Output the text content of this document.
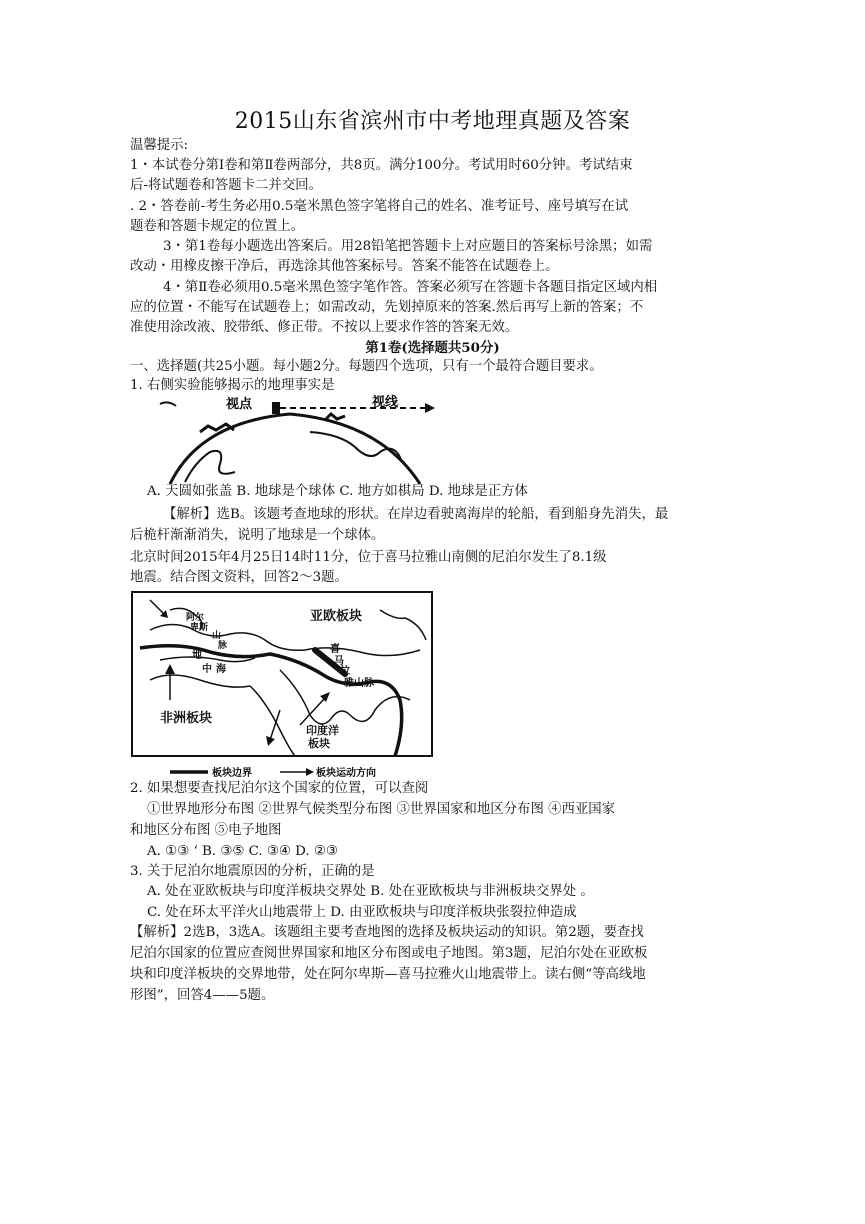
2015山东省滨州市中考地理真题及答案
温馨提示:
1・本试卷分第Ⅰ卷和第Ⅱ卷两部分，共8页。满分100分。考试用时60分钟。考试结束
后-将试题卷和答题卡二并交回。
. 2・答卷前-考生务必用0.5毫米黑色签字笔将自己的姓名、准考证号、座号填写在试
题卷和答题卡规定的位置上。
3・第1卷每小题选出答案后。用28铅笔把答题卡上对应题目的答案标号涂黑；如需
改动・用橡皮擦干净后，再选涂其他答案标号。答案不能答在试题卷上。
4・第Ⅱ卷必须用0.5毫米黑色签字笔作答。答案必须写在答题卡各题目指定区域内相
应的位置・不能写在试题卷上；如需改动，先划掉原来的答案.然后再写上新的答案；不
准使用涂改液、胶带纸、修正带。不按以上要求作答的答案无效。
第1卷(选择题共50分)
一、选择题(共25小题。每小题2分。每题四个选项，只有一个最符合题目要求。
1. 右侧实验能够揭示的地理事实是
视点	视线
A. 天圆如张盖 B. 地球是个球体 C. 地方如棋局 D. 地球是正方体
【解析】选B。该题考查地球的形状。在岸边看驶离海岸的轮船，看到船身先消失，最
后桅杆渐渐消失，说明了地球是一个球体。
北京时间2015年4月25日14时11分，位于喜马拉雅山南侧的尼泊尔发生了8.1级
地震。结合图文资料，回答2～3题。
亚欧板块
非洲板块
印度洋
板块
喜
马
拉
雅山脉
阿尔
卑斯
山
脉
地
中 海
板块边界	板块运动方向
2. 如果想要查找尼泊尔这个国家的位置，可以查阅
①世界地形分布图 ②世界气候类型分布图 ③世界国家和地区分布图 ④西亚国家
和地区分布图 ⑤电子地图
A. ①③ ‘ B. ③⑤ C. ③④ D. ②③
3. 关于尼泊尔地震原因的分析，正确的是
A. 处在亚欧板块与印度洋板块交界处 B. 处在亚欧板块与非洲板块交界处 。
C. 处在环太平洋火山地震带上 D. 由亚欧板块与印度洋板块张裂拉伸造成
【解析】2选B，3选A。该题组主要考查地图的选择及板块运动的知识。第2题，要查找
尼泊尔国家的位置应查阅世界国家和地区分布图或电子地图。第3题，尼泊尔处在亚欧板
块和印度洋板块的交界地带，处在阿尔卑斯—喜马拉雅火山地震带上。读右侧“等高线地
形图”，回答4——5题。
